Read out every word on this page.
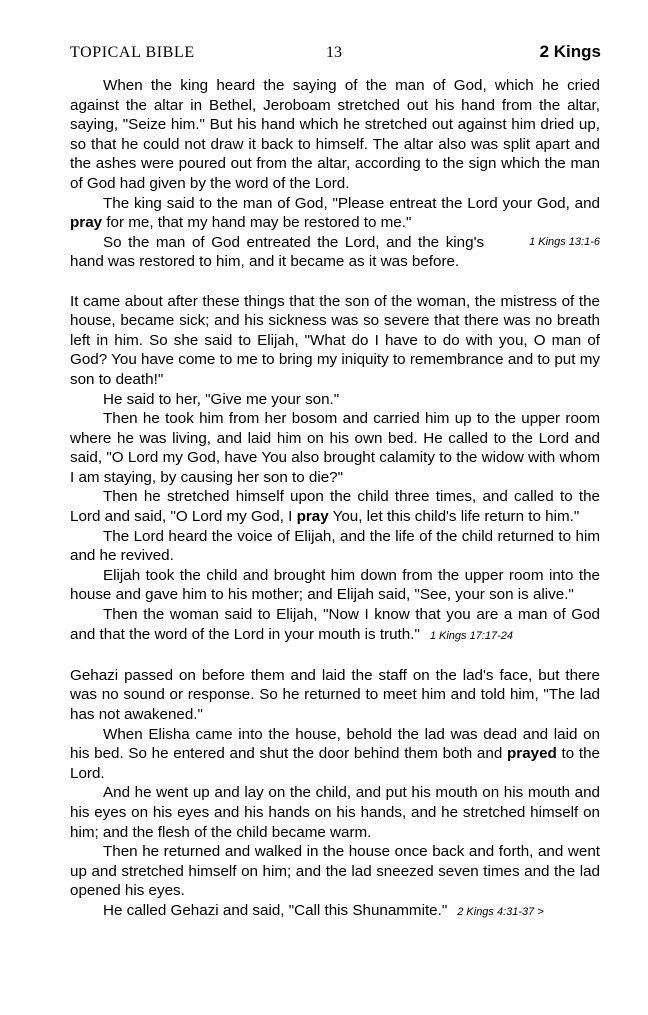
TOPICAL BIBLE	13	2 Kings

When the king heard the saying of the man of God, which he cried against the altar in Bethel, Jeroboam stretched out his hand from the altar, saying, "Seize him." But his hand which he stretched out against him dried up, so that he could not draw it back to himself. The altar also was split apart and the ashes were poured out from the altar, according to the sign which the man of God had given by the word of the Lord.

The king said to the man of God, "Please entreat the Lord your God, and pray for me, that my hand may be restored to me."

1 Kings 13:1-6
So the man of God entreated the Lord, and the king's hand was restored to him, and it became as it was before.

It came about after these things that the son of the woman, the mistress of the house, became sick; and his sickness was so severe that there was no breath left in him. So she said to Elijah, "What do I have to do with you, O man of God? You have come to me to bring my iniquity to remembrance and to put my son to death!"

He said to her, "Give me your son."

Then he took him from her bosom and carried him up to the upper room where he was living, and laid him on his own bed. He called to the Lord and said, "O Lord my God, have You also brought calamity to the widow with whom I am staying, by causing her son to die?"

Then he stretched himself upon the child three times, and called to the Lord and said, "O Lord my God, I pray You, let this child's life return to him."

The Lord heard the voice of Elijah, and the life of the child returned to him and he revived.

Elijah took the child and brought him down from the upper room into the house and gave him to his mother; and Elijah said, "See, your son is alive."

Then the woman said to Elijah, "Now I know that you are a man of God and that the word of the Lord in your mouth is truth." 1 Kings 17:17-24

Gehazi passed on before them and laid the staff on the lad's face, but there was no sound or response. So he returned to meet him and told him, "The lad has not awakened."

When Elisha came into the house, behold the lad was dead and laid on his bed. So he entered and shut the door behind them both and prayed to the Lord.

And he went up and lay on the child, and put his mouth on his mouth and his eyes on his eyes and his hands on his hands, and he stretched himself on him; and the flesh of the child became warm.

Then he returned and walked in the house once back and forth, and went up and stretched himself on him; and the lad sneezed seven times and the lad opened his eyes.

He called Gehazi and said, "Call this Shunammite." 2 Kings 4:31-37 >
